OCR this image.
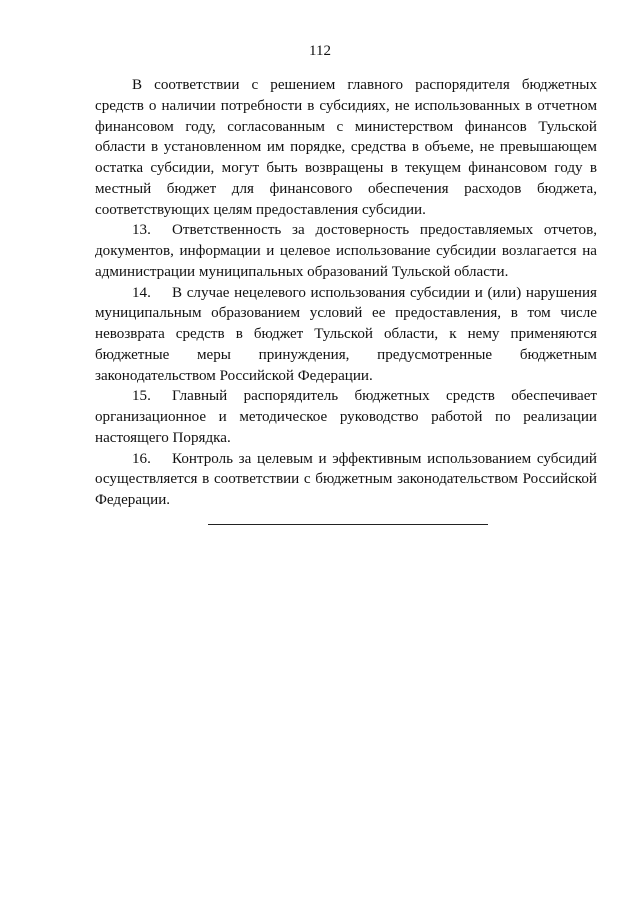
112

В соответствии с решением главного распорядителя бюджетных средств о наличии потребности в субсидиях, не использованных в отчетном финансовом году, согласованным с министерством финансов Тульской области в установленном им порядке, средства в объеме, не превышающем остатка субсидии, могут быть возвращены в текущем финансовом году в местный бюджет для финансового обеспечения расходов бюджета, соответствующих целям предоставления субсидии.

13. Ответственность за достоверность предоставляемых отчетов, документов, информации и целевое использование субсидии возлагается на администрации муниципальных образований Тульской области.

14. В случае нецелевого использования субсидии и (или) нарушения муниципальным образованием условий ее предоставления, в том числе невозврата средств в бюджет Тульской области, к нему применяются бюджетные меры принуждения, предусмотренные бюджетным законодательством Российской Федерации.

15. Главный распорядитель бюджетных средств обеспечивает организационное и методическое руководство работой по реализации настоящего Порядка.

16. Контроль за целевым и эффективным использованием субсидий осуществляется в соответствии с бюджетным законодательством Российской Федерации.
